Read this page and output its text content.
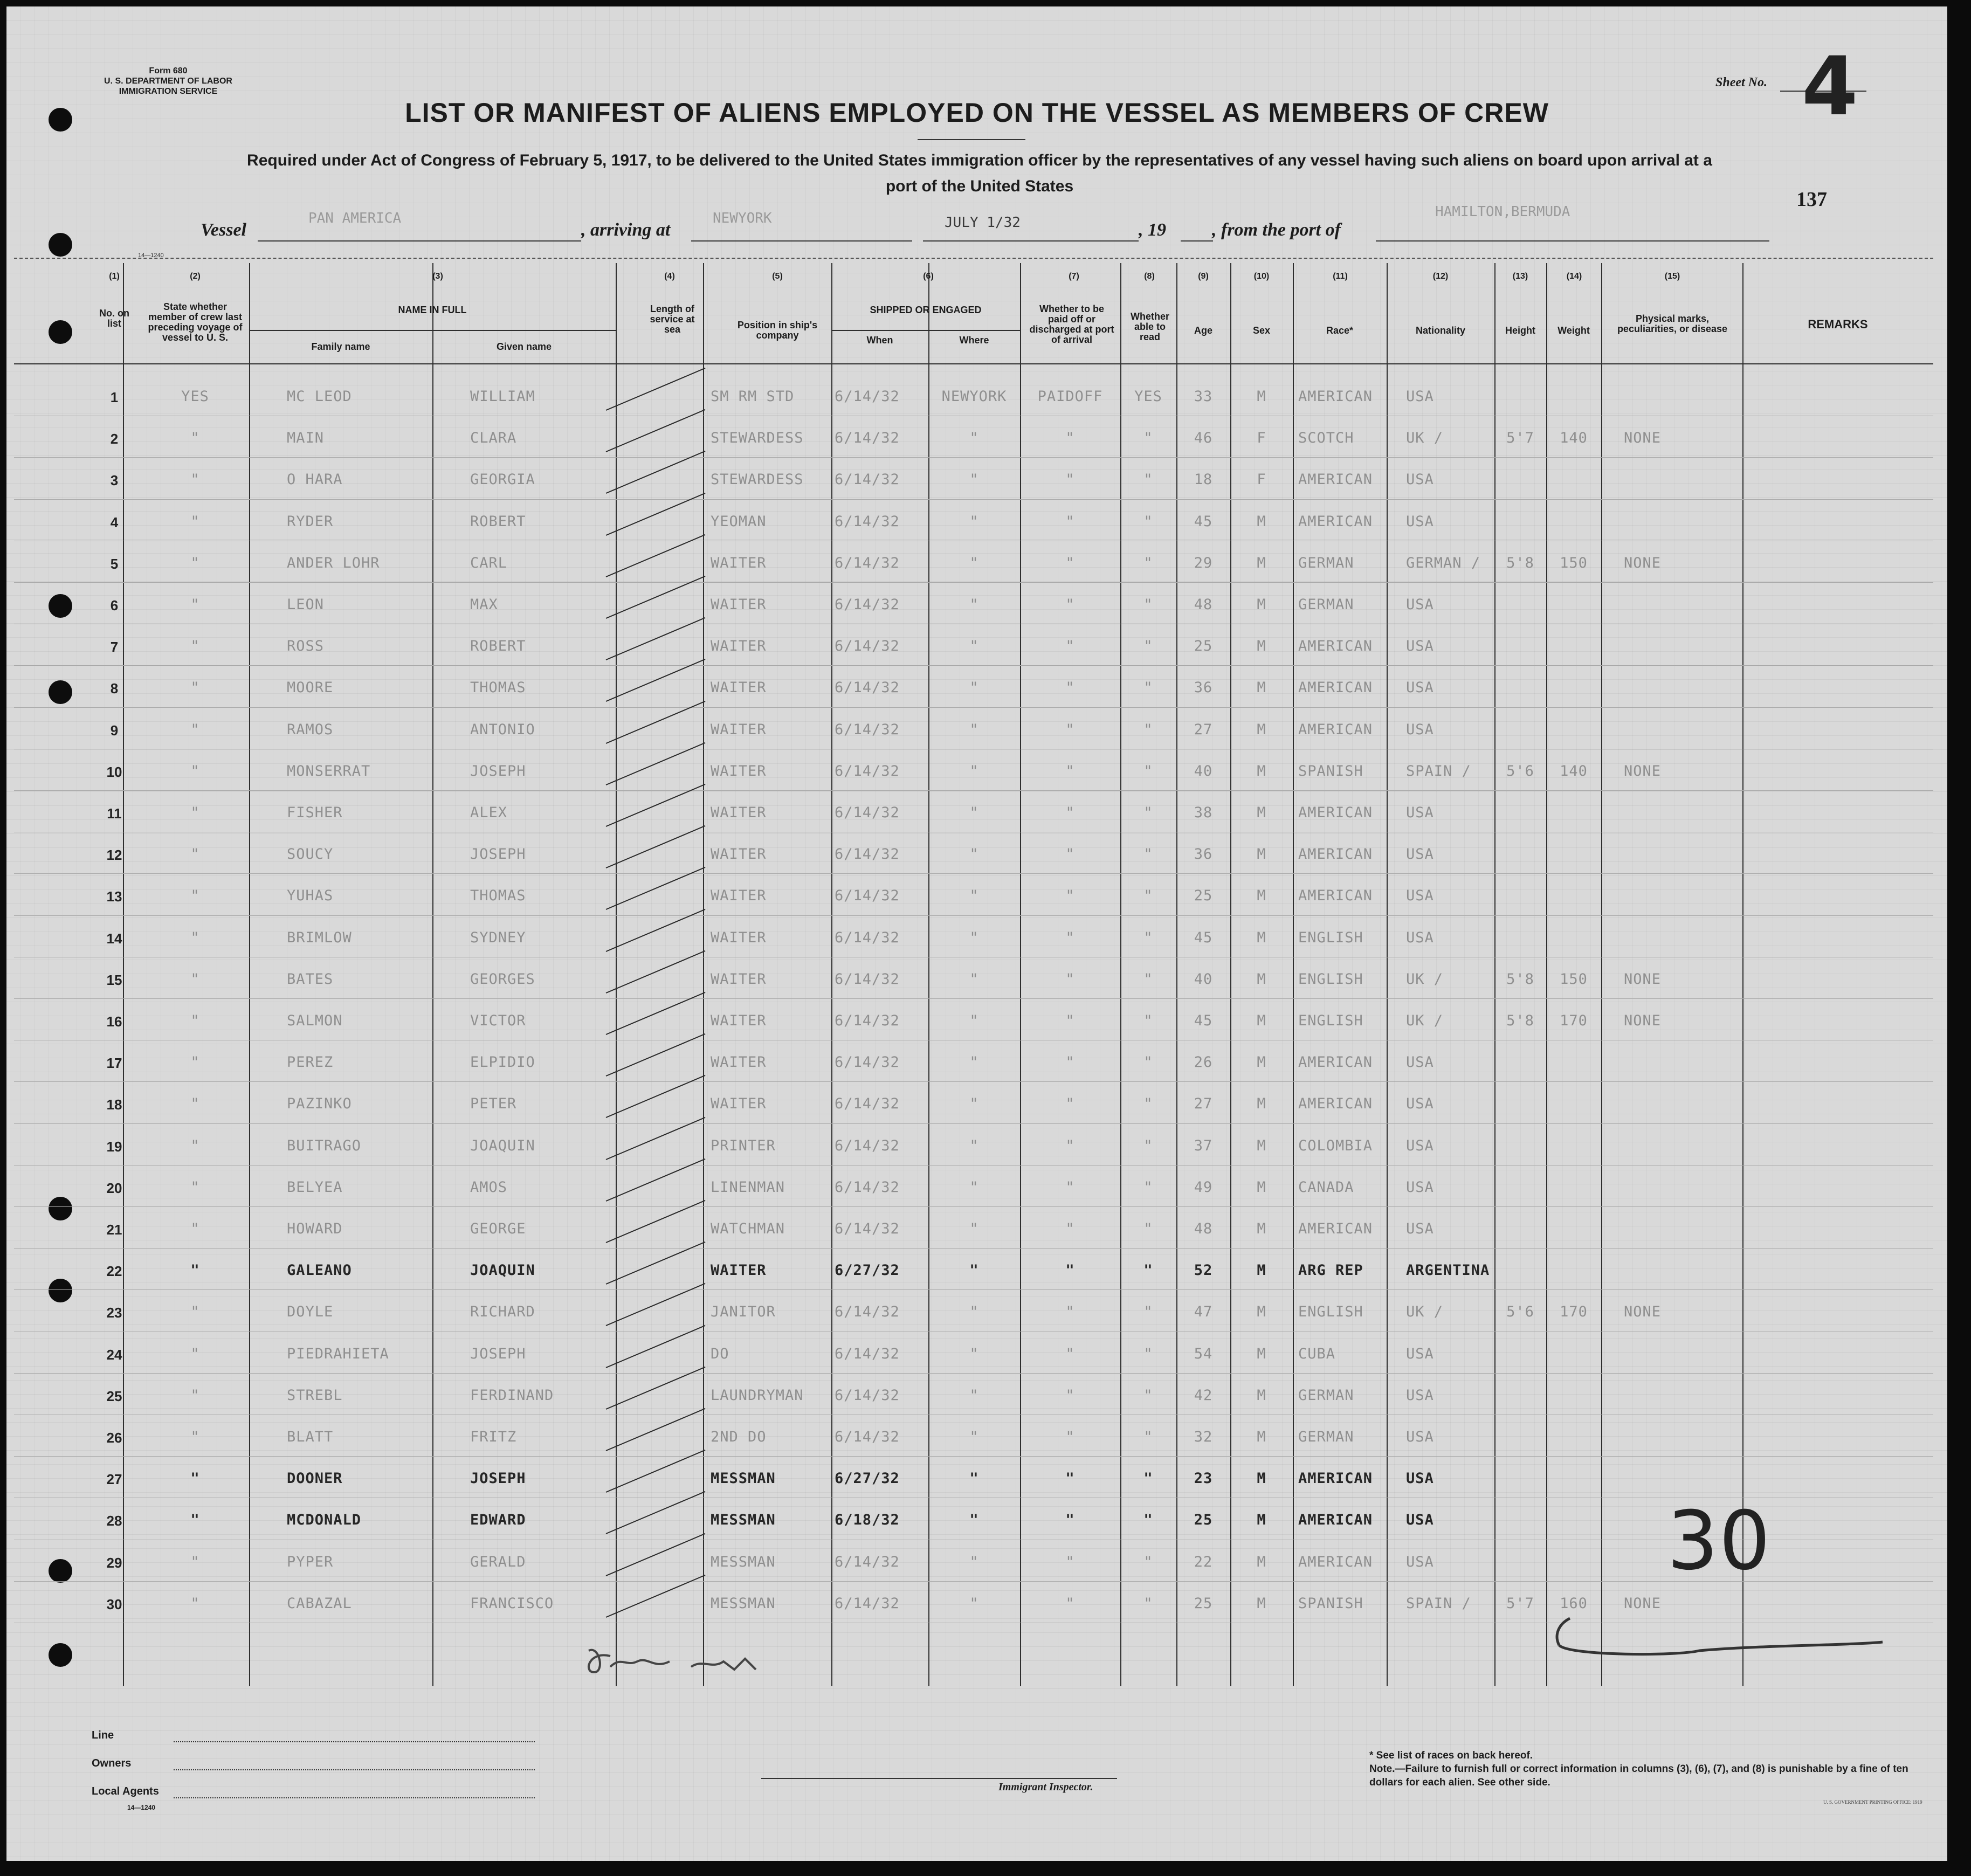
Form 680
U. S. DEPARTMENT OF LABOR
IMMIGRATION SERVICE
Sheet No. 4
LIST OR MANIFEST OF ALIENS EMPLOYED ON THE VESSEL AS MEMBERS OF CREW
Required under Act of Congress of February 5, 1917, to be delivered to the United States immigration officer by the representatives of any vessel having such aliens on board upon arrival at a
port of the United States
137
Vessel
PAN AMERICA
, arriving at
NEWYORK	JULY 1/32	, 19	, from the port of
HAMILTON,BERMUDA
14—1240
(1)	(2)	(3)	(4)	(5)	(6)	(7)	(8)	(9)	(10)	(11)	(12)	(13)	(14)	(15)
No. on list
State whether member of crew last preceding voyage of vessel to U. S.
NAME IN FULL
Family name	Given name
Length of service at sea	Position in ship's company
SHIPPED OR ENGAGED
When	Where
Whether to be paid off or discharged at port of arrival
Whether able to read
Age	Sex	Race*	Nationality	Height	Weight
Physical marks, peculiarities, or disease	REMARKS
1	YES	MC LEOD	WILLIAM	SM RM STD	6/14/32	NEWYORK	PAIDOFF	YES	33	M	AMERICAN	USA
2	"	MAIN	CLARA	STEWARDESS	6/14/32	"	"	"	46	F	SCOTCH	UK /	5'7	140	NONE
3	"	O HARA	GEORGIA	STEWARDESS	6/14/32	"	"	"	18	F	AMERICAN	USA
4	"	RYDER	ROBERT	YEOMAN	6/14/32	"	"	"	45	M	AMERICAN	USA
5	"	ANDER LOHR	CARL	WAITER	6/14/32	"	"	"	29	M	GERMAN	GERMAN /	5'8	150	NONE
6	"	LEON	MAX	WAITER	6/14/32	"	"	"	48	M	GERMAN	USA
7	"	ROSS	ROBERT	WAITER	6/14/32	"	"	"	25	M	AMERICAN	USA
8	"	MOORE	THOMAS	WAITER	6/14/32	"	"	"	36	M	AMERICAN	USA
9	"	RAMOS	ANTONIO	WAITER	6/14/32	"	"	"	27	M	AMERICAN	USA
10	"	MONSERRAT	JOSEPH	WAITER	6/14/32	"	"	"	40	M	SPANISH	SPAIN /	5'6	140	NONE
11	"	FISHER	ALEX	WAITER	6/14/32	"	"	"	38	M	AMERICAN	USA
12	"	SOUCY	JOSEPH	WAITER	6/14/32	"	"	"	36	M	AMERICAN	USA
13	"	YUHAS	THOMAS	WAITER	6/14/32	"	"	"	25	M	AMERICAN	USA
14	"	BRIMLOW	SYDNEY	WAITER	6/14/32	"	"	"	45	M	ENGLISH	USA
15	"	BATES	GEORGES	WAITER	6/14/32	"	"	"	40	M	ENGLISH	UK /	5'8	150	NONE
16	"	SALMON	VICTOR	WAITER	6/14/32	"	"	"	45	M	ENGLISH	UK /	5'8	170	NONE
17	"	PEREZ	ELPIDIO	WAITER	6/14/32	"	"	"	26	M	AMERICAN	USA
18	"	PAZINKO	PETER	WAITER	6/14/32	"	"	"	27	M	AMERICAN	USA
19	"	BUITRAGO	JOAQUIN	PRINTER	6/14/32	"	"	"	37	M	COLOMBIA	USA
20	"	BELYEA	AMOS	LINENMAN	6/14/32	"	"	"	49	M	CANADA	USA
21	"	HOWARD	GEORGE	WATCHMAN	6/14/32	"	"	"	48	M	AMERICAN	USA
22	"	GALEANO	JOAQUIN	WAITER	6/27/32	"	"	"	52	M	ARG REP	ARGENTINA
23	"	DOYLE	RICHARD	JANITOR	6/14/32	"	"	"	47	M	ENGLISH	UK /	5'6	170	NONE
24	"	PIEDRAHIETA	JOSEPH	DO	6/14/32	"	"	"	54	M	CUBA	USA
25	"	STREBL	FERDINAND	LAUNDRYMAN	6/14/32	"	"	"	42	M	GERMAN	USA
26	"	BLATT	FRITZ	2ND DO	6/14/32	"	"	"	32	M	GERMAN	USA
27	"	DOONER	JOSEPH	MESSMAN	6/27/32	"	"	"	23	M	AMERICAN	USA
28	"	MCDONALD	EDWARD	MESSMAN	6/18/32	"	"	"	25	M	AMERICAN	USA
29	"	PYPER	GERALD	MESSMAN	6/14/32	"	"	"	22	M	AMERICAN	USA
30	"	CABAZAL	FRANCISCO	MESSMAN	6/14/32	"	"	"	25	M	SPANISH	SPAIN /	5'7	160	NONE
30
Line
Owners
Local Agents
14—1240
Immigrant Inspector.
* See list of races on back hereof.
Note.—Failure to furnish full or correct information in columns (3), (6), (7), and (8) is punishable by a fine of ten dollars for each alien. See other side.
U. S. GOVERNMENT PRINTING OFFICE: 1919
